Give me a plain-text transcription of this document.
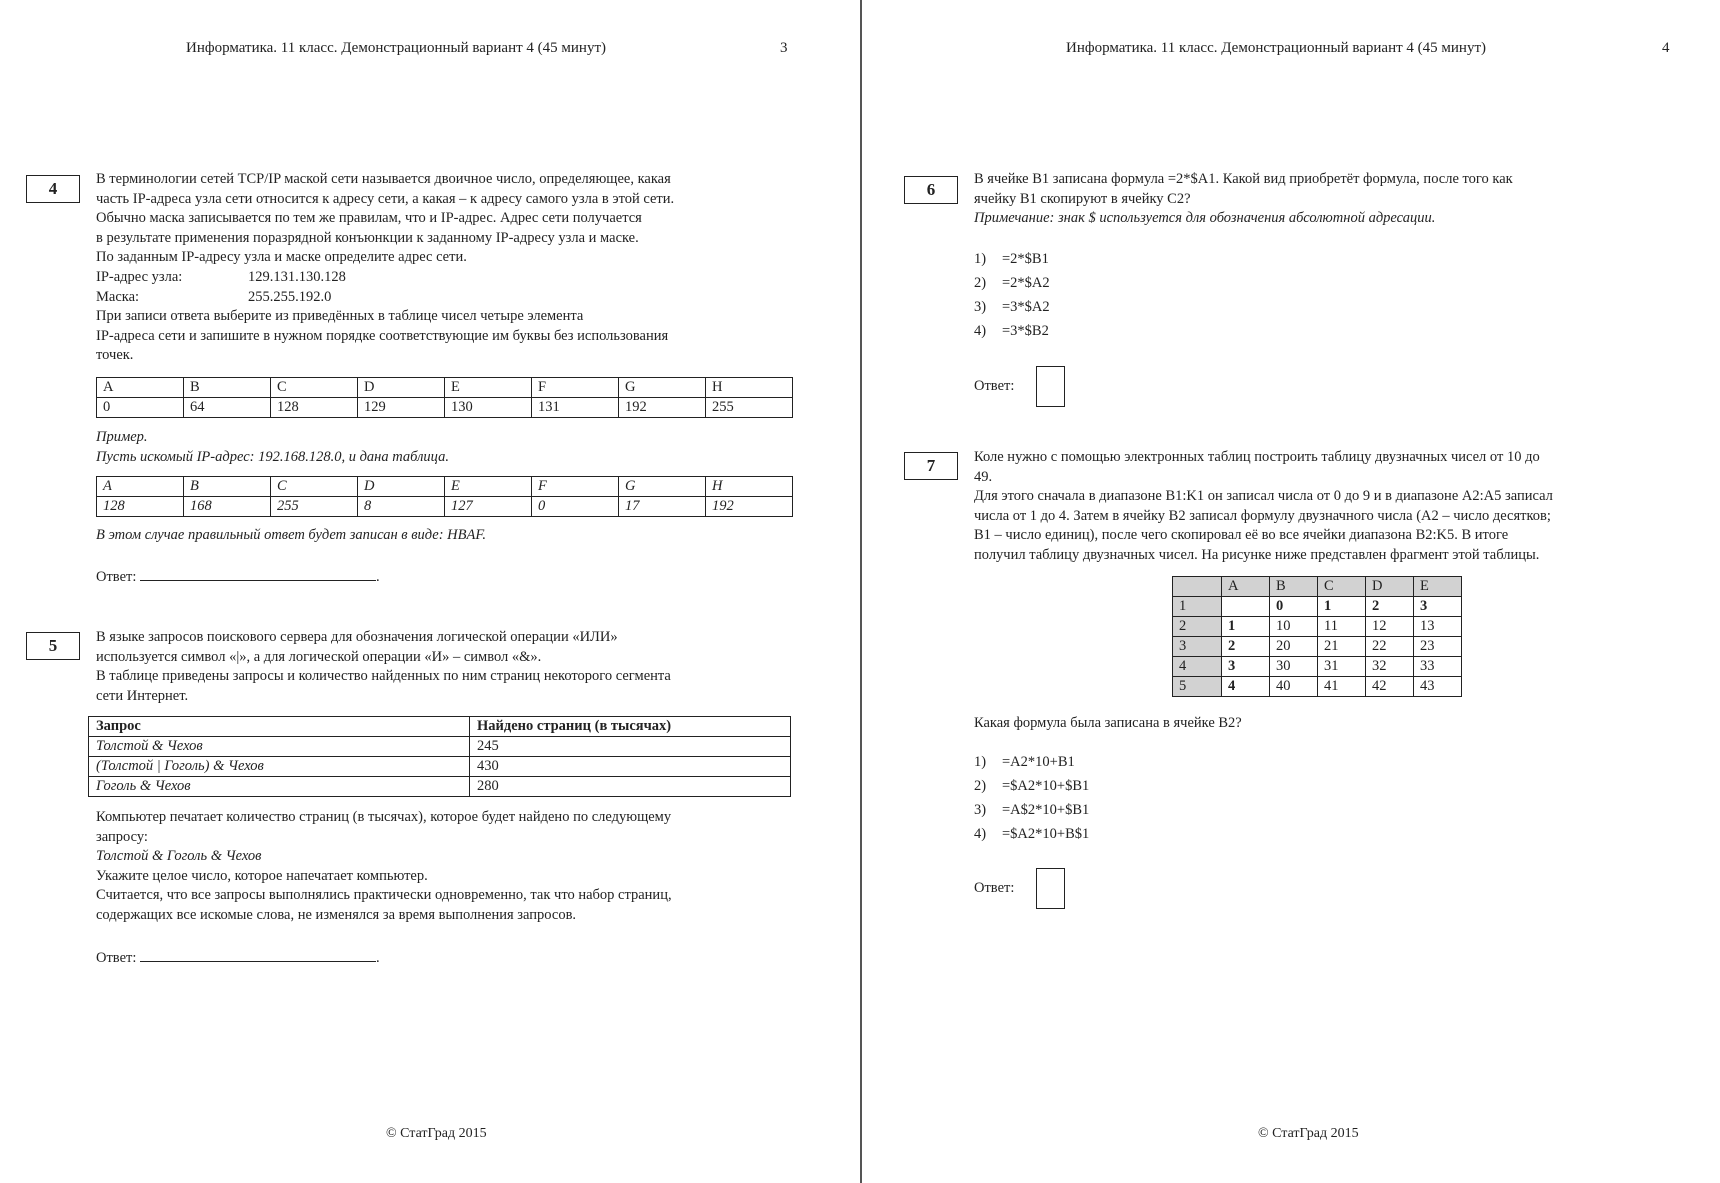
Информатика. 11 класс. Демонстрационный вариант 4 (45 минут)	3
4	В терминологии сетей TCP/IP маской сети называется двоичное число, определяющее, какая

часть IP-адреса узла сети относится к адресу сети, а какая – к адресу самого узла в этой сети.

Обычно маска записывается по тем же правилам, что и IP-адрес. Адрес сети получается

в результате применения поразрядной конъюнкции к заданному IP-адресу узла и маске.

По заданным IP-адресу узла и маске определите адрес сети.

IP-адрес узла:	129.131.130.128
Маска:	255.255.192.0

При записи ответа выберите из приведённых в таблице чисел четыре элемента

IP-адреса сети и запишите в нужном порядке соответствующие им буквы без использования

точек.

A	B	C	D	E	F	G	H
0	64	128	129	130	131	192	255

Пример.

Пусть искомый IP-адрес: 192.168.128.0, и дана таблица.

A	B	C	D	E	F	G	H
128	168	255	8	127	0	17	192
В этом случае правильный ответ будет записан в виде: HBAF.
Ответ:	.
5	В языке запросов поискового сервера для обозначения логической операции «ИЛИ»

используется символ «|», а для логической операции «И» – символ «&».

В таблице приведены запросы и количество найденных по ним страниц некоторого сегмента

сети Интернет.

Запрос	Найдено страниц (в тысячах)
Толстой & Чехов	245
(Толстой | Гоголь) & Чехов	430
Гоголь & Чехов	280

Компьютер печатает количество страниц (в тысячах), которое будет найдено по следующему

запросу:

Толстой & Гоголь & Чехов

Укажите целое число, которое напечатает компьютер.

Считается, что все запросы выполнялись практически одновременно, так что набор страниц,

содержащих все искомые слова, не изменялся за время выполнения запросов.

Ответ:	.
© СтатГрад 2015
Информатика. 11 класс. Демонстрационный вариант 4 (45 минут)	4
6

В ячейке B1 записана формула =2*$A1. Какой вид приобретёт формула, после того как

ячейку B1 скопируют в ячейку C2?

Примечание: знак $ используется для обозначения абсолютной адресации.

1)	=2*$B1
2)	=2*$A2
3)	=3*$A2
4)	=3*$B2
Ответ:
7	Коле нужно с помощью электронных таблиц построить таблицу двузначных чисел от 10 до

49.

Для этого сначала в диапазоне B1:K1 он записал числа от 0 до 9 и в диапазоне A2:A5 записал

числа от 1 до 4. Затем в ячейку B2 записал формулу двузначного числа (A2 – число десятков;

B1 – число единиц), после чего скопировал её во все ячейки диапазона B2:K5. В итоге

получил таблицу двузначных чисел. На рисунке ниже представлен фрагмент этой таблицы.

	A	B	C	D	E
1		0	1	2	3
2	1	10	11	12	13
3	2	20	21	22	23
4	3	30	31	32	33
5	4	40	41	42	43
Какая формула была записана в ячейке B2?
1)	=A2*10+B1
2)	=$A2*10+$B1
3)	=A$2*10+$B1
4)	=$A2*10+B$1
Ответ:
© СтатГрад 2015
